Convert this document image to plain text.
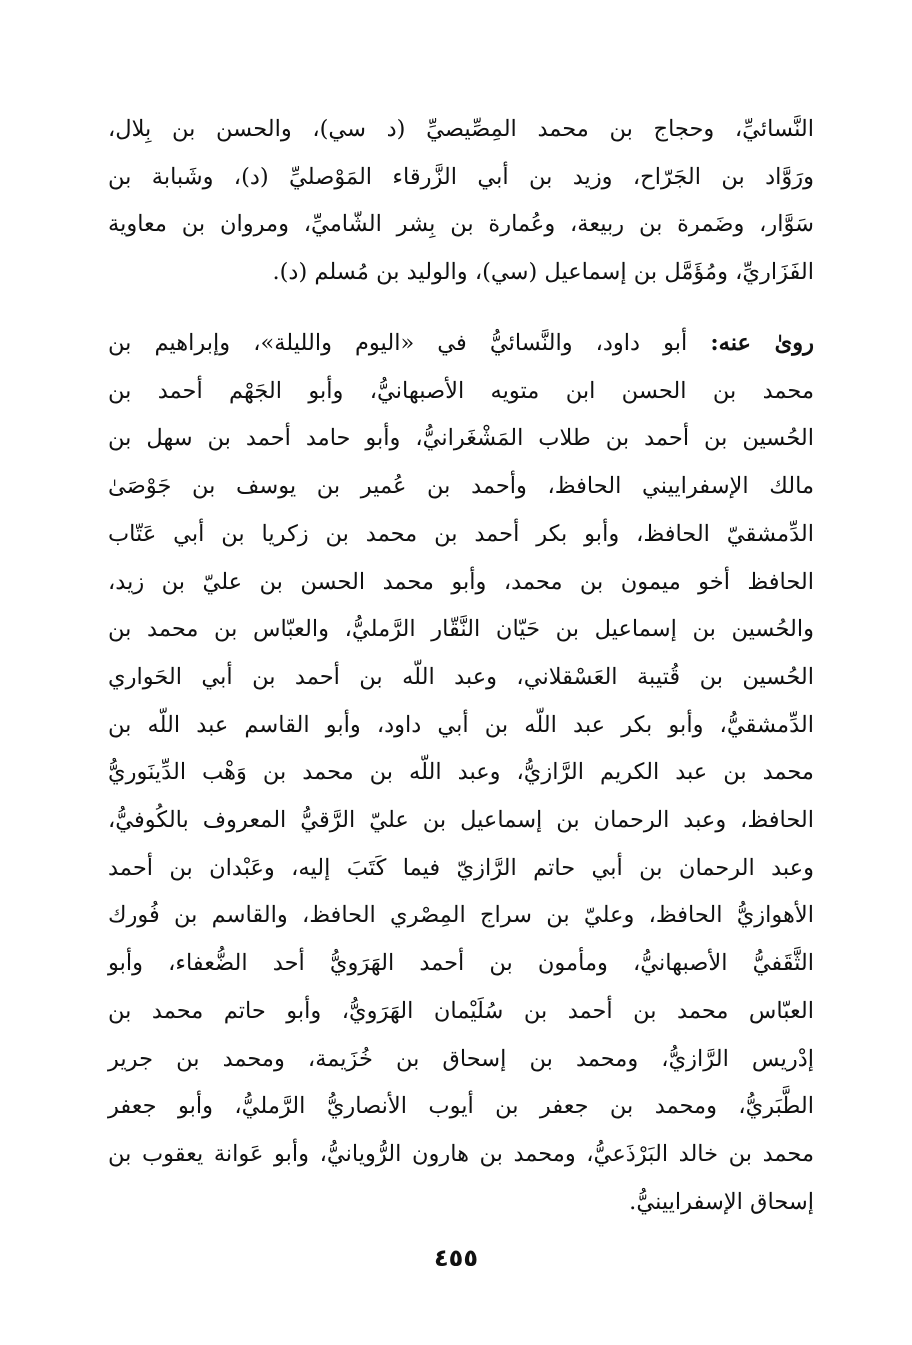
النَّسائيِّ، وحجاج بن محمد المِصِّيصيِّ (د سي)، والحسن بن بِلال،
ورَوَّاد بن الجَرّاح، وزيد بن أبي الزَّرقاء المَوْصليِّ (د)، وشَبابة بن
سَوَّار، وضَمرة بن ربيعة، وعُمارة بن بِشر الشّاميِّ، ومروان بن معاوية
الفَزَاريِّ، ومُؤَمَّل بن إسماعيل (سي)، والوليد بن مُسلم (د).
روىٰ عنه: أبو داود، والنَّسائيُّ في «اليوم والليلة»، وإبراهيم بن
محمد بن الحسن ابن متويه الأصبهانيُّ، وأبو الجَهْم أحمد بن
الحُسين بن أحمد بن طلاب المَشْغَرانيُّ، وأبو حامد أحمد بن سهل بن
مالك الإسفراييني الحافظ، وأحمد بن عُمير بن يوسف بن جَوْصَىٰ
الدِّمشقيّ الحافظ، وأبو بكر أحمد بن محمد بن زكريا بن أبي عَتّاب
الحافظ أخو ميمون بن محمد، وأبو محمد الحسن بن عليّ بن زيد،
والحُسين بن إسماعيل بن حَيّان النَّقّار الرَّمليُّ، والعبّاس بن محمد بن
الحُسين بن قُتيبة العَسْقلاني، وعبد اللّه بن أحمد بن أبي الحَواري
الدِّمشقيُّ، وأبو بكر عبد اللّه بن أبي داود، وأبو القاسم عبد اللّه بن
محمد بن عبد الكريم الرَّازيُّ، وعبد اللّه بن محمد بن وَهْب الدِّينَوريُّ
الحافظ، وعبد الرحمان بن إسماعيل بن عليّ الرَّقيُّ المعروف بالكُوفيُّ،
وعبد الرحمان بن أبي حاتم الرَّازيّ فيما كَتَبَ إليه، وعَبْدان بن أحمد
الأهوازيُّ الحافظ، وعليّ بن سراج المِصْري الحافظ، والقاسم بن فُورك
الثَّقَفيُّ الأصبهانيُّ، ومأمون بن أحمد الهَرَويُّ أحد الضُّعفاء، وأبو
العبّاس محمد بن أحمد بن سُلَيْمان الهَرَويُّ، وأبو حاتم محمد بن
إدْريس الرَّازيُّ، ومحمد بن إسحاق بن خُزَيمة، ومحمد بن جرير
الطَّبَريُّ، ومحمد بن جعفر بن أيوب الأنصاريُّ الرَّمليُّ، وأبو جعفر
محمد بن خالد البَرْذَعيُّ، ومحمد بن هارون الرُّويانيُّ، وأبو عَوانة يعقوب بن
إسحاق الإسفرايينيُّ.
٤٥٥
